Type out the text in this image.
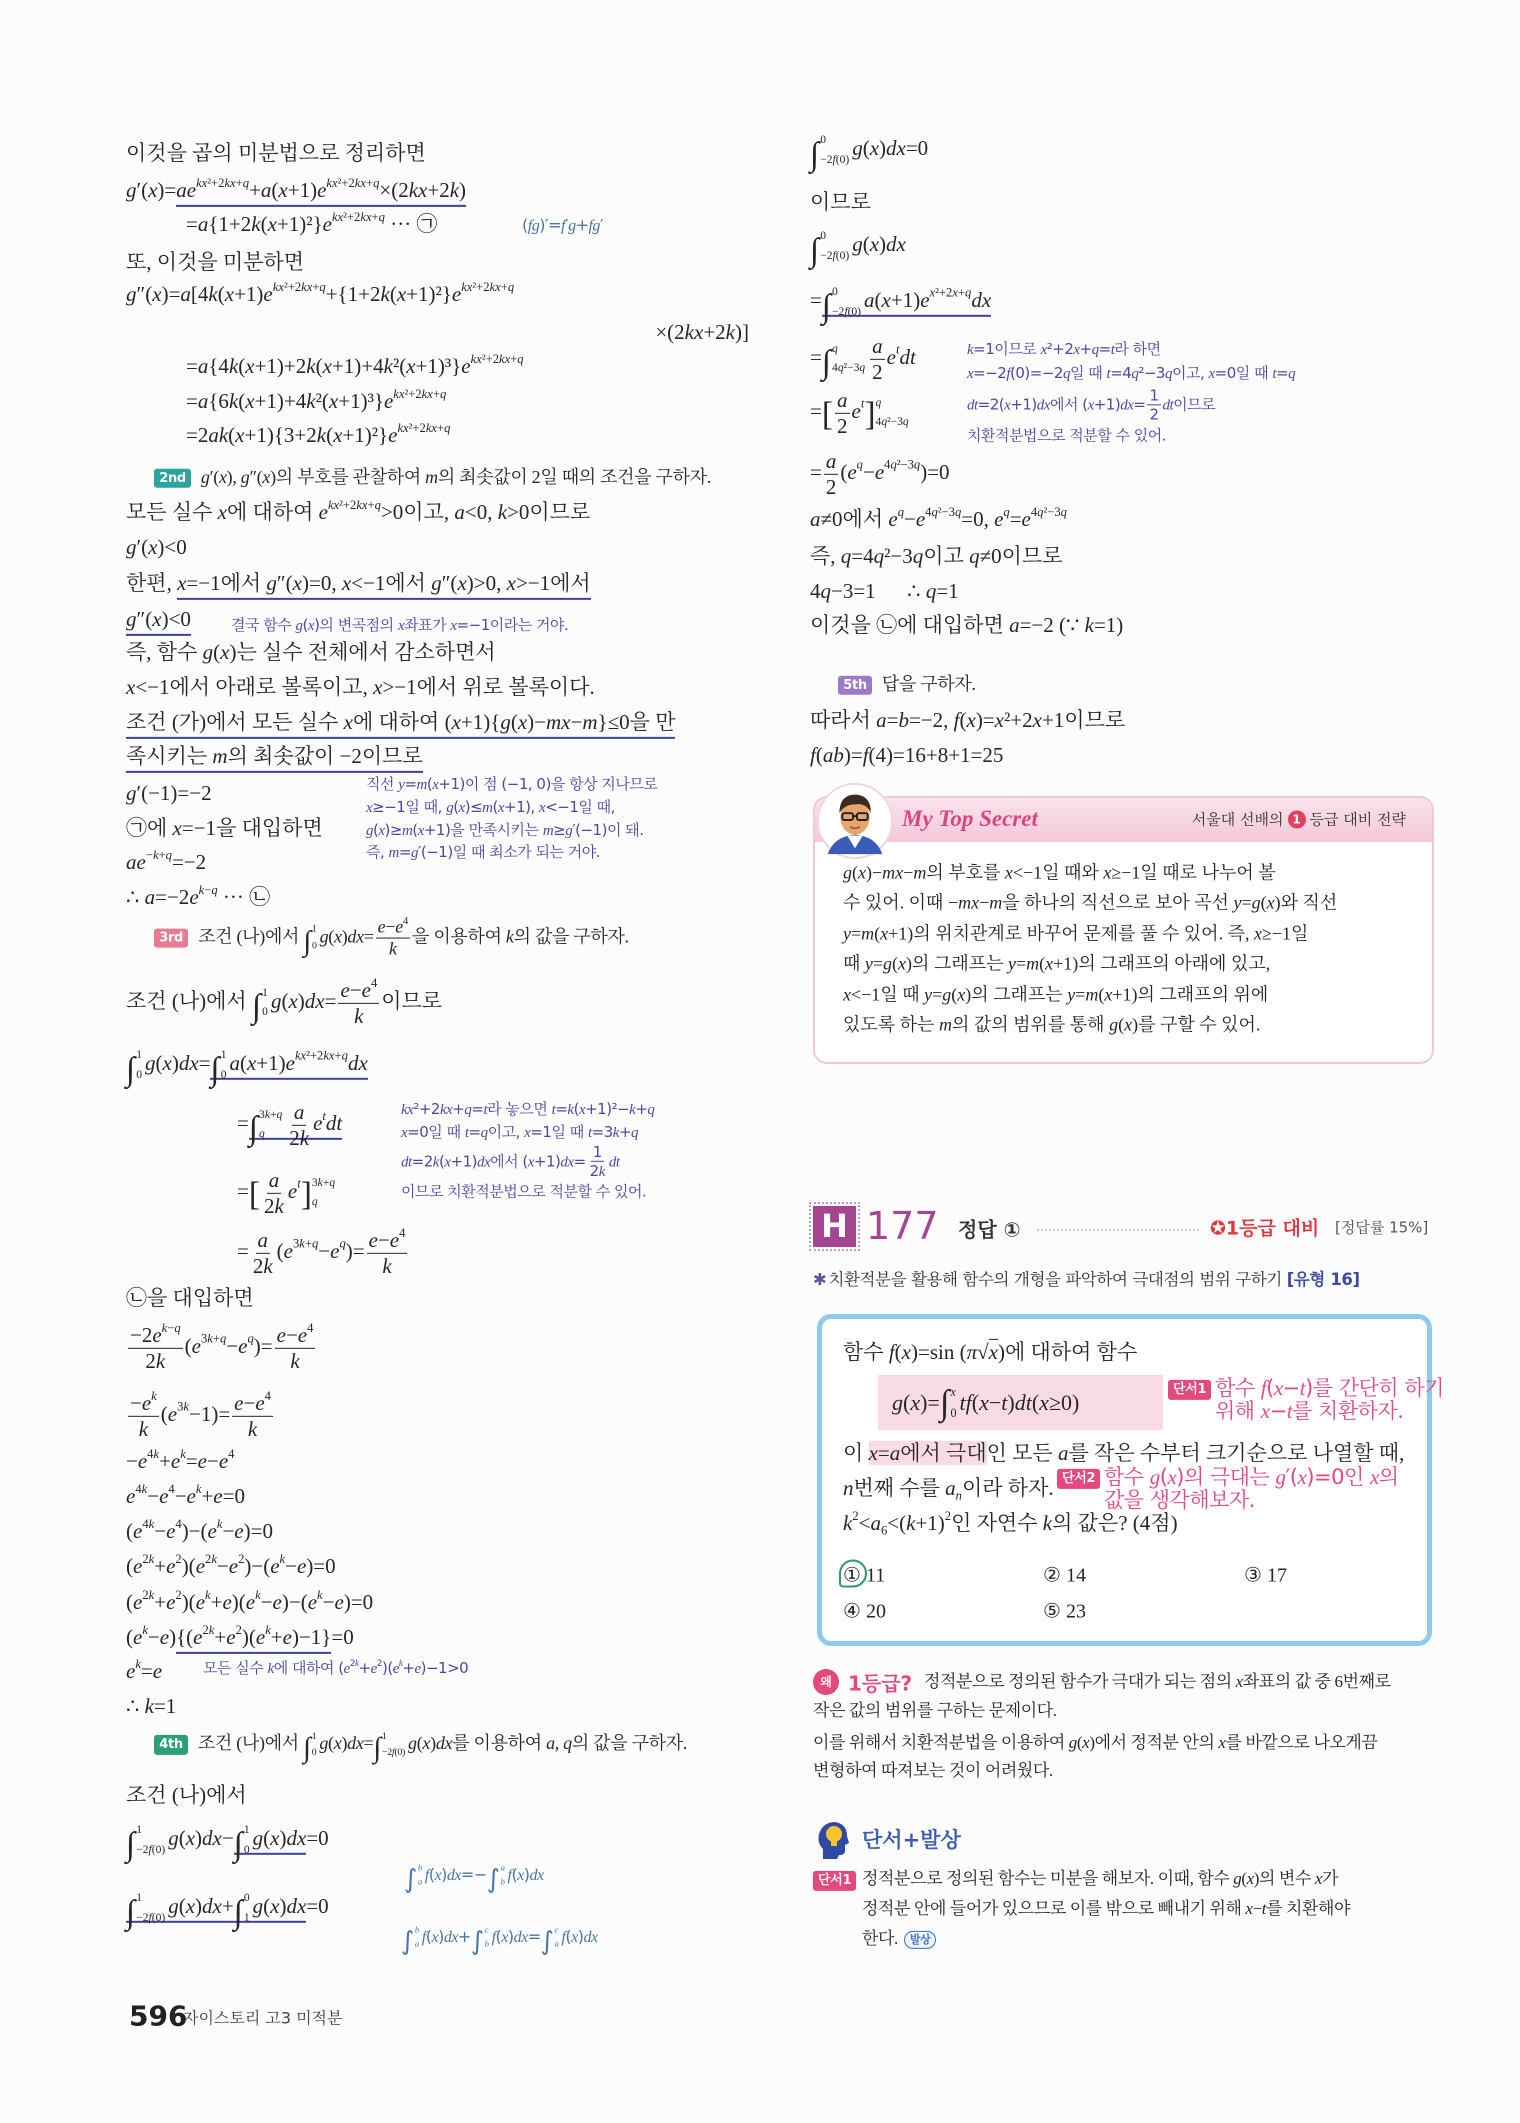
이것을 곱의 미분법으로 정리하면
$g'(x)=ae^{kx^2+2kx+q}+a(x+1)e^{kx^2+2kx+q}\times(2kx+2k)$
$=a\{1+2k(x+1)^2\}e^{kx^2+2kx+q}$ ··· ㉠	(fg)′=f′g+fg′
또, 이것을 미분하면
$g''(x)=a[4k(x+1)e^{kx^2+2kx+q}+\{1+2k(x+1)^2\}e^{kx^2+2kx+q}$
×(2kx+2k)]
$=a\{4k(x+1)+2k(x+1)+4k^2(x+1)^3\}e^{kx^2+2kx+q}$
$=a\{6k(x+1)+4k^2(x+1)^3\}e^{kx^2+2kx+q}$
$=2ak(x+1)\{3+2k(x+1)^2\}e^{kx^2+2kx+q}$

2nd g′(x), g″(x)의 부호를 관찰하여 m의 최솟값이 2일 때의 조건을 구하자.

모든 실수 x에 대하여 $e^{kx^2+2kx+q}>0$이고, a<0, k>0이므로
g′(x)<0
한편, x=−1에서 g″(x)=0, x<−1에서 g″(x)>0, x>−1에서
g″(x)<0	결국 함수 g(x)의 변곡점의 x좌표가 x=−1이라는 거야.
즉, 함수 g(x)는 실수 전체에서 감소하면서
x<−1에서 아래로 볼록이고, x>−1에서 위로 볼록이다.
조건 (가)에서 모든 실수 x에 대하여 (x+1){g(x)−mx−m}≤0을 만
족시키는 m의 최솟값이 −2이므로
g′(−1)=−2	직선 y=m(x+1)이 점 (−1, 0)을 항상 지나므로
x≥−1일 때, g(x)≤m(x+1), x<−1일 때,
g(x)≥m(x+1)을 만족시키는 m≥g′(−1)이 돼.
즉, m=g′(−1)일 때 최소가 되는 거야.
㉠에 x=−1을 대입하면
$ae^{-k+q}=-2$
∴ $a=-2e^{k-q}$ ··· ㉡

3rd 조건 (나)에서 ∫ 1
0 $g(x)dx= \frac{e-e^4}{k}$ 을 이용하여 k의 값을 구하자.

조건 (나)에서 ∫ 1
0 $g(x)dx= \frac{e-e^4}{k}$ 이므로
∫ 1
0 g(x)dx=∫ 1
0 $a(x+1)e^{kx^2+2kx+q}dx$
=∫ 3k+q
q	$\frac{a}{2k} e^tdt$
=[ $\frac{a}{2k} e^t$] 3k+q
q
= $\frac{a}{2k} (e^{3k+q}-e^q)= \frac{e-e^4}{k}$
kx²+2kx+q=t라 놓으면 t=k(x+1)²−k+q
x=0일 때 t=q이고, x=1일 때 t=3k+q
dt=2k(x+1)dx에서 $(x+1)dx= \frac{1}{2k}$ dt
이므로 치환적분법으로 적분할 수 있어.
㉡을 대입하면
$\frac{-2e^{k-q}}{2k} (e^{3k+q}-e^q)= \frac{e-e^4}{k}$
$\frac{-e^k}{k} (e^{3k}-1)= \frac{e-e^4}{k}$
$-e^{4k}+e^k=e-e^4$
$e^{4k}-e^4-e^k+e=0$
$(e^{4k}-e^4)-(e^k-e)=0$
$(e^{2k}+e^2)(e^{2k}-e^2)-(e^k-e)=0$
$(e^{2k}+e^2)(e^k+e)(e^k-e)-(e^k-e)=0$
$(e^k-e)\{(e^{2k}+e^2)(e^k+e)-1\}=0$
$e^k=e$	모든 실수 k에 대하여 $(e^{2k}+e^2)(e^k+e)-1>0$
∴ k=1

4th 조건 (나)에서 ∫ 1
0 g(x)dx=∫ 1
−2f(0) g(x)dx를 이용하여 a, q의 값을 구하자.

조건 (나)에서
∫ 1
−2f(0) g(x)dx−∫ 1
0 g(x)dx=0
∫ b
a f(x)dx=−∫ a
b f(x)dx
∫ 1
−2f(0) g(x)dx+∫ 0
1 g(x)dx=0
∫ b
a f(x)dx+∫ c
b f(x)dx=∫ c
a f(x)dx
∫ 0
−2f(0) g(x)dx=0
이므로
∫ 0
−2f(0) g(x)dx
=∫ 0
−2f(0) $a(x+1)e^{x^2+2x+q}dx$
=∫ q
$4q^2-3q \frac{a}{2} e^tdt$
=[ $\frac{a}{2} e^t$] q
4q²−3q
k=1이므로 x²+2x+q=t라 하면
x=−2f(0)=−2q일 때 t=4q²−3q이고, x=0일 때 t=q
dt=2(x+1)dx에서 $(x+1)dx= \frac{1}{2}$ dt이므로
치환적분법으로 적분할 수 있어.
= $\frac{a}{2} (e^q-e^{4q^2-3q})=0$
a≠0에서 $e^q-e^{4q^2-3q}=0$, $e^q=e^{4q^2-3q}$
즉, q=4q²−3q이고 q≠0이므로
4q−3=1      ∴ q=1
이것을 ㉡에 대입하면 a=−2 (∵ k=1)

5th 답을 구하자.

따라서 a=b=−2, f(x)=x²+2x+1이므로
f(ab)=f(4)=16+8+1=25
My Top Secret	서울대 선배의 1 등급 대비 전략
g(x)−mx−m의 부호를 x<−1일 때와 x≥−1일 때로 나누어 볼
수 있어. 이때 −mx−m을 하나의 직선으로 보아 곡선 y=g(x)와 직선
y=m(x+1)의 위치관계로 바꾸어 문제를 풀 수 있어. 즉, x≥−1일
때 y=g(x)의 그래프는 y=m(x+1)의 그래프의 아래에 있고,
x<−1일 때 y=g(x)의 그래프는 y=m(x+1)의 그래프의 위에
있도록 하는 m의 값의 범위를 통해 g(x)를 구할 수 있어.
H 177 정답 ①	✪1등급 대비 [정답률 15%]
✱ 치환적분을 활용해 함수의 개형을 파악하여 극대점의 범위 구하기 [유형 16]
함수 f(x)=sin (π√x)에 대하여 함수
g ( x )= ∫ x
0 tf ( x − t ) dt ( x ≥0)	단서1 함수 f(x−t)를 간단히 하기
위해 x−t를 치환하자.
이 x=a에서 극대인 모든 a를 작은 수부터 크기순으로 나열할 때,
n번째 수를 $a_n$이라 하자. 단서2 함수 g(x)의 극대는 g′(x)=0인 x의
값을 생각해보자.
$k^2<a_6<(k+1)^2$인 자연수 k의 값은? (4점)
① 11	② 14	③ 17
④ 20	⑤ 23
왜 1등급? 정적분으로 정의된 함수가 극대가 되는 점의 x좌표의 값 중 6번째로
작은 값의 범위를 구하는 문제이다.
이를 위해서 치환적분법을 이용하여 g(x)에서 정적분 안의 x를 바깥으로 나오게끔
변형하여 따져보는 것이 어려웠다.
단서+발상
단서1 정적분으로 정의된 함수는 미분을 해보자. 이때, 함수 g(x)의 변수 x가
정적분 안에 들어가 있으므로 이를 밖으로 빼내기 위해 x−t를 치환해야
한다. 발상
596
자이스토리 고3 미적분
